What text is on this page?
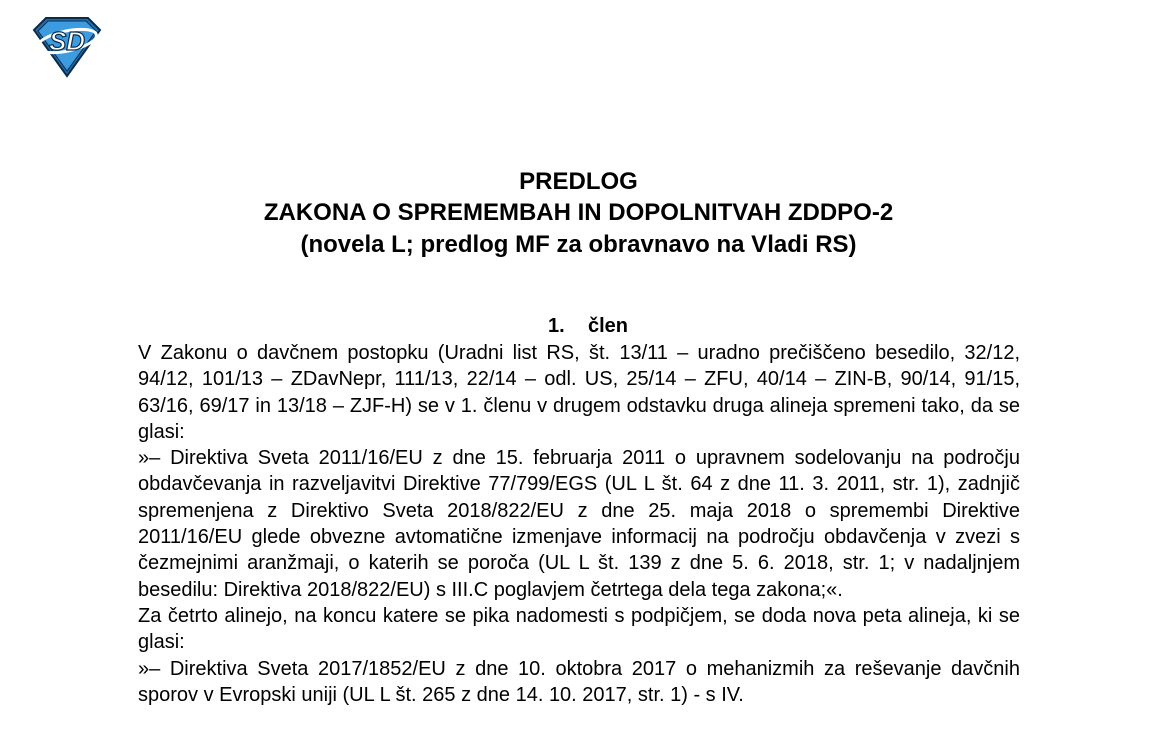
SD
PREDLOG
ZAKONA O SPREMEMBAH IN DOPOLNITVAH ZDDPO-2
(novela L; predlog MF za obravnavo na Vladi RS)
1. člen

V Zakonu o davčnem postopku (Uradni list RS, št. 13/11 – uradno prečiščeno besedilo, 32/12, 94/12, 101/13 – ZDavNepr, 111/13, 22/14 – odl. US, 25/14 – ZFU, 40/14 – ZIN-B, 90/14, 91/15, 63/16, 69/17 in 13/18 – ZJF-H) se v 1. členu v drugem odstavku druga alineja spremeni tako, da se glasi:

»– Direktiva Sveta 2011/16/EU z dne 15. februarja 2011 o upravnem sodelovanju na področju obdavčevanja in razveljavitvi Direktive 77/799/EGS (UL L št. 64 z dne 11. 3. 2011, str. 1), zadnjič spremenjena z Direktivo Sveta 2018/822/EU z dne 25. maja 2018 o spremembi Direktive 2011/16/EU glede obvezne avtomatične izmenjave informacij na področju obdavčenja v zvezi s čezmejnimi aranžmaji, o katerih se poroča (UL L št. 139 z dne 5. 6. 2018, str. 1; v nadaljnjem besedilu: Direktiva 2018/822/EU) s III.C poglavjem četrtega dela tega zakona;«.

Za četrto alinejo, na koncu katere se pika nadomesti s podpičjem, se doda nova peta alineja, ki se glasi:

»– Direktiva Sveta 2017/1852/EU z dne 10. oktobra 2017 o mehanizmih za reševanje davčnih sporov v Evropski uniji (UL L št. 265 z dne 14. 10. 2017, str. 1) - s IV.
